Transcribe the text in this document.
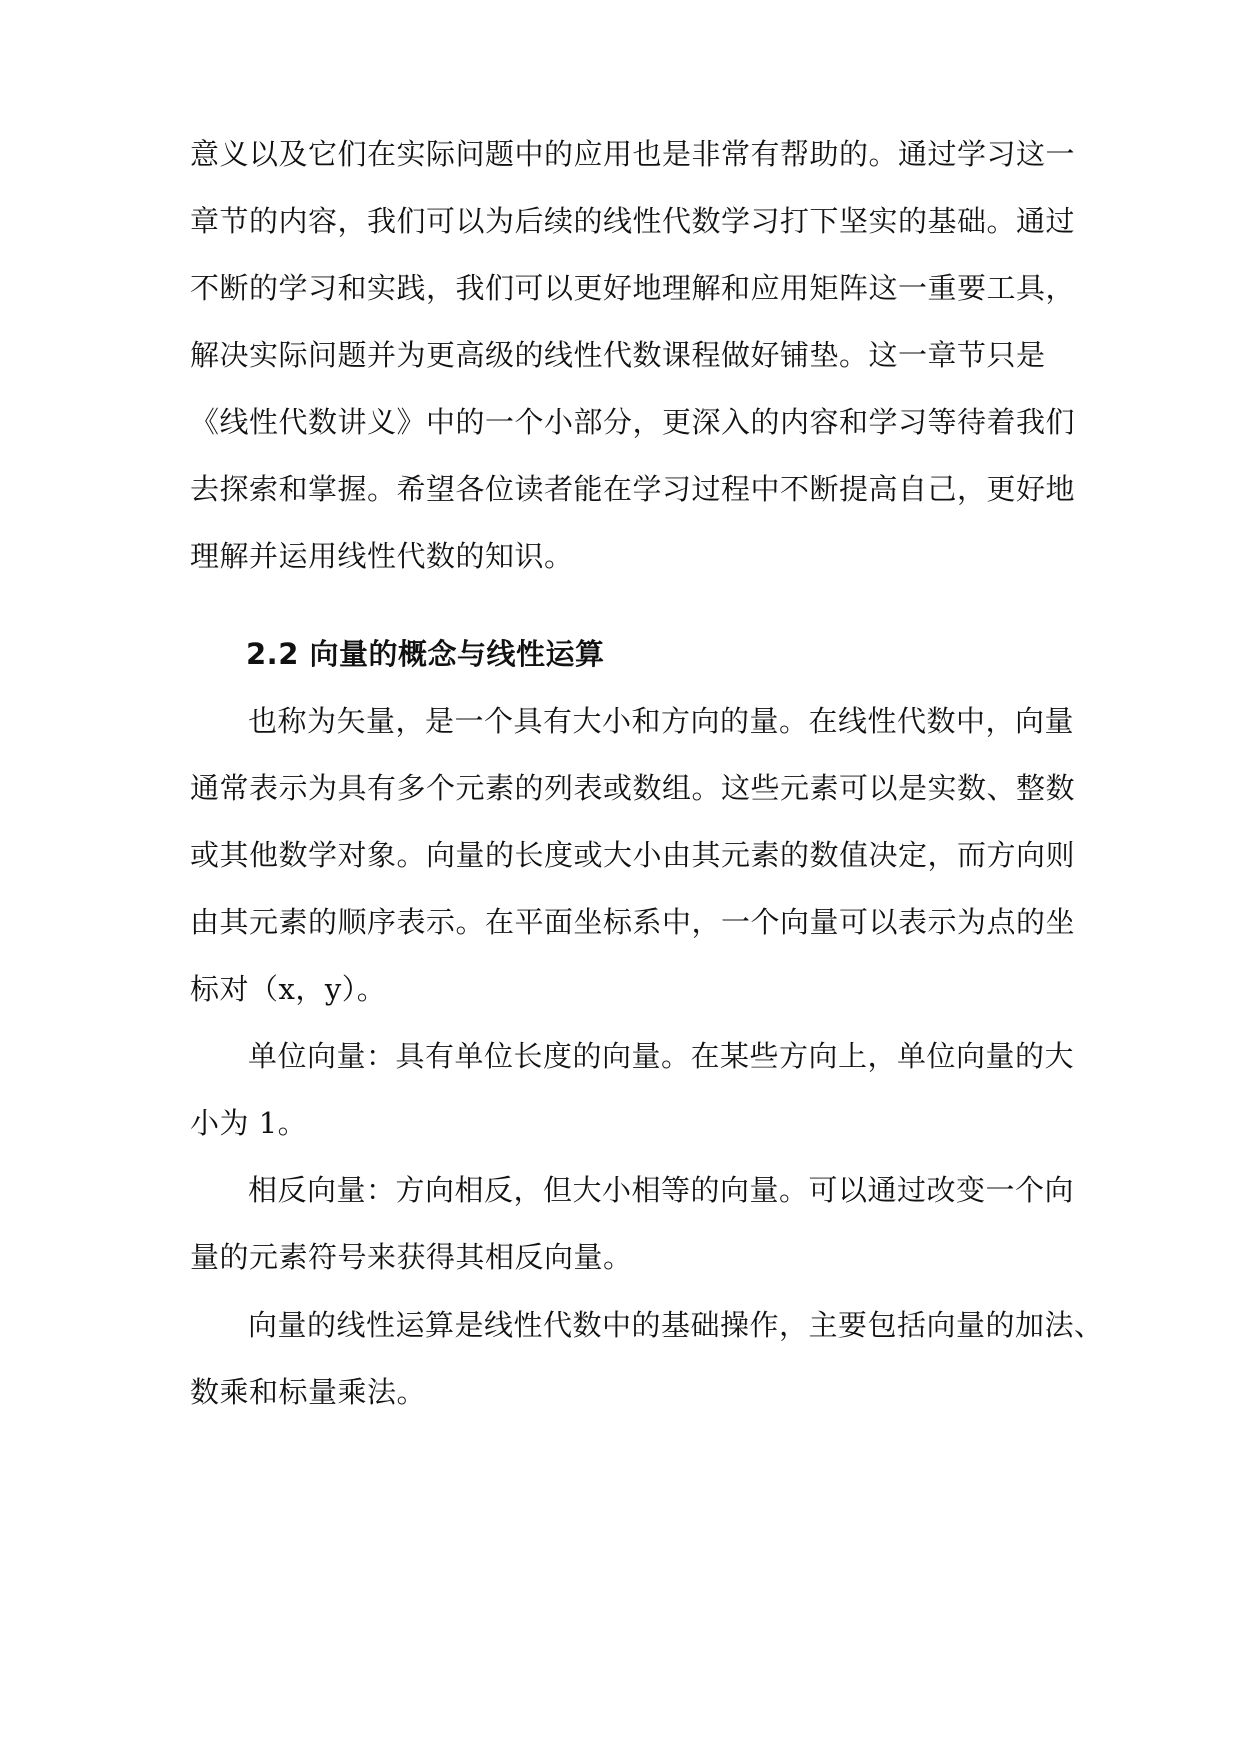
意义以及它们在实际问题中的应用也是非常有帮助的。通过学习这一
章节的内容，我们可以为后续的线性代数学习打下坚实的基础。通过
不断的学习和实践，我们可以更好地理解和应用矩阵这一重要工具，
解决实际问题并为更高级的线性代数课程做好铺垫。这一章节只是
《线性代数讲义》中的一个小部分，更深入的内容和学习等待着我们
去探索和掌握。希望各位读者能在学习过程中不断提高自己，更好地
理解并运用线性代数的知识。
2.2 向量的概念与线性运算
也称为矢量，是一个具有大小和方向的量。在线性代数中，向量
通常表示为具有多个元素的列表或数组。这些元素可以是实数、整数
或其他数学对象。向量的长度或大小由其元素的数值决定，而方向则
由其元素的顺序表示。在平面坐标系中，一个向量可以表示为点的坐
标对（x，y）。
单位向量：具有单位长度的向量。在某些方向上，单位向量的大
小为 1。
相反向量：方向相反，但大小相等的向量。可以通过改变一个向
量的元素符号来获得其相反向量。
向量的线性运算是线性代数中的基础操作，主要包括向量的加法、
数乘和标量乘法。
